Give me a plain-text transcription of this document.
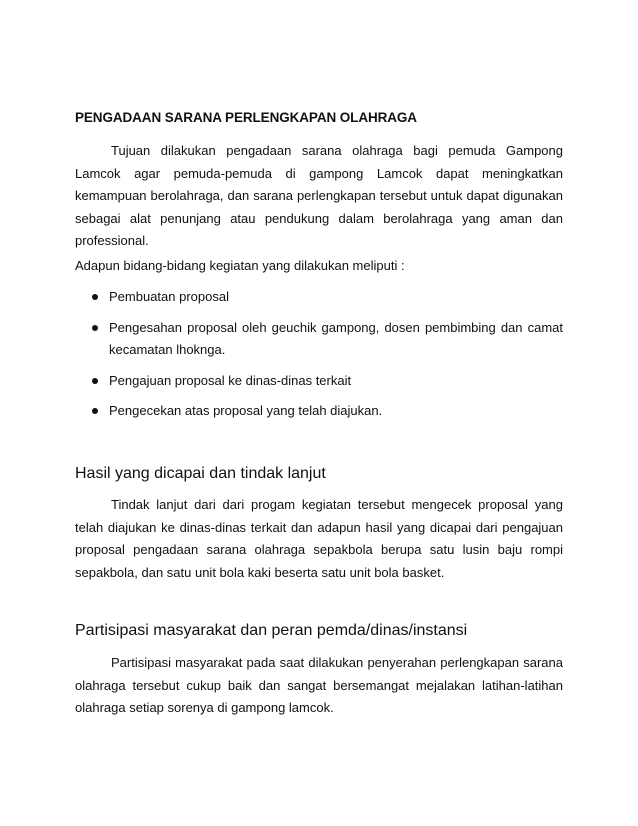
PENGADAAN SARANA PERLENGKAPAN OLAHRAGA

Tujuan dilakukan pengadaan sarana olahraga bagi pemuda Gampong Lamcok agar pemuda-pemuda di gampong Lamcok dapat meningkatkan kemampuan berolahraga, dan sarana perlengkapan tersebut untuk dapat digunakan sebagai alat penunjang atau pendukung dalam berolahraga yang aman dan professional.

Adapun bidang-bidang kegiatan yang dilakukan meliputi :
Pembuatan proposal
Pengesahan proposal oleh geuchik gampong, dosen pembimbing dan camat kecamatan lhoknga.
Pengajuan proposal ke dinas-dinas terkait
Pengecekan atas proposal yang telah diajukan.
Hasil yang dicapai dan tindak lanjut

Tindak lanjut dari dari progam kegiatan tersebut mengecek proposal yang telah diajukan ke dinas-dinas terkait dan adapun hasil yang dicapai dari pengajuan proposal pengadaan sarana olahraga sepakbola berupa satu lusin baju rompi sepakbola, dan satu unit bola kaki beserta satu unit bola basket.

Partisipasi masyarakat dan peran pemda/dinas/instansi

Partisipasi masyarakat pada saat dilakukan penyerahan perlengkapan sarana olahraga tersebut cukup baik dan sangat bersemangat mejalakan latihan-latihan olahraga setiap sorenya di gampong lamcok.
